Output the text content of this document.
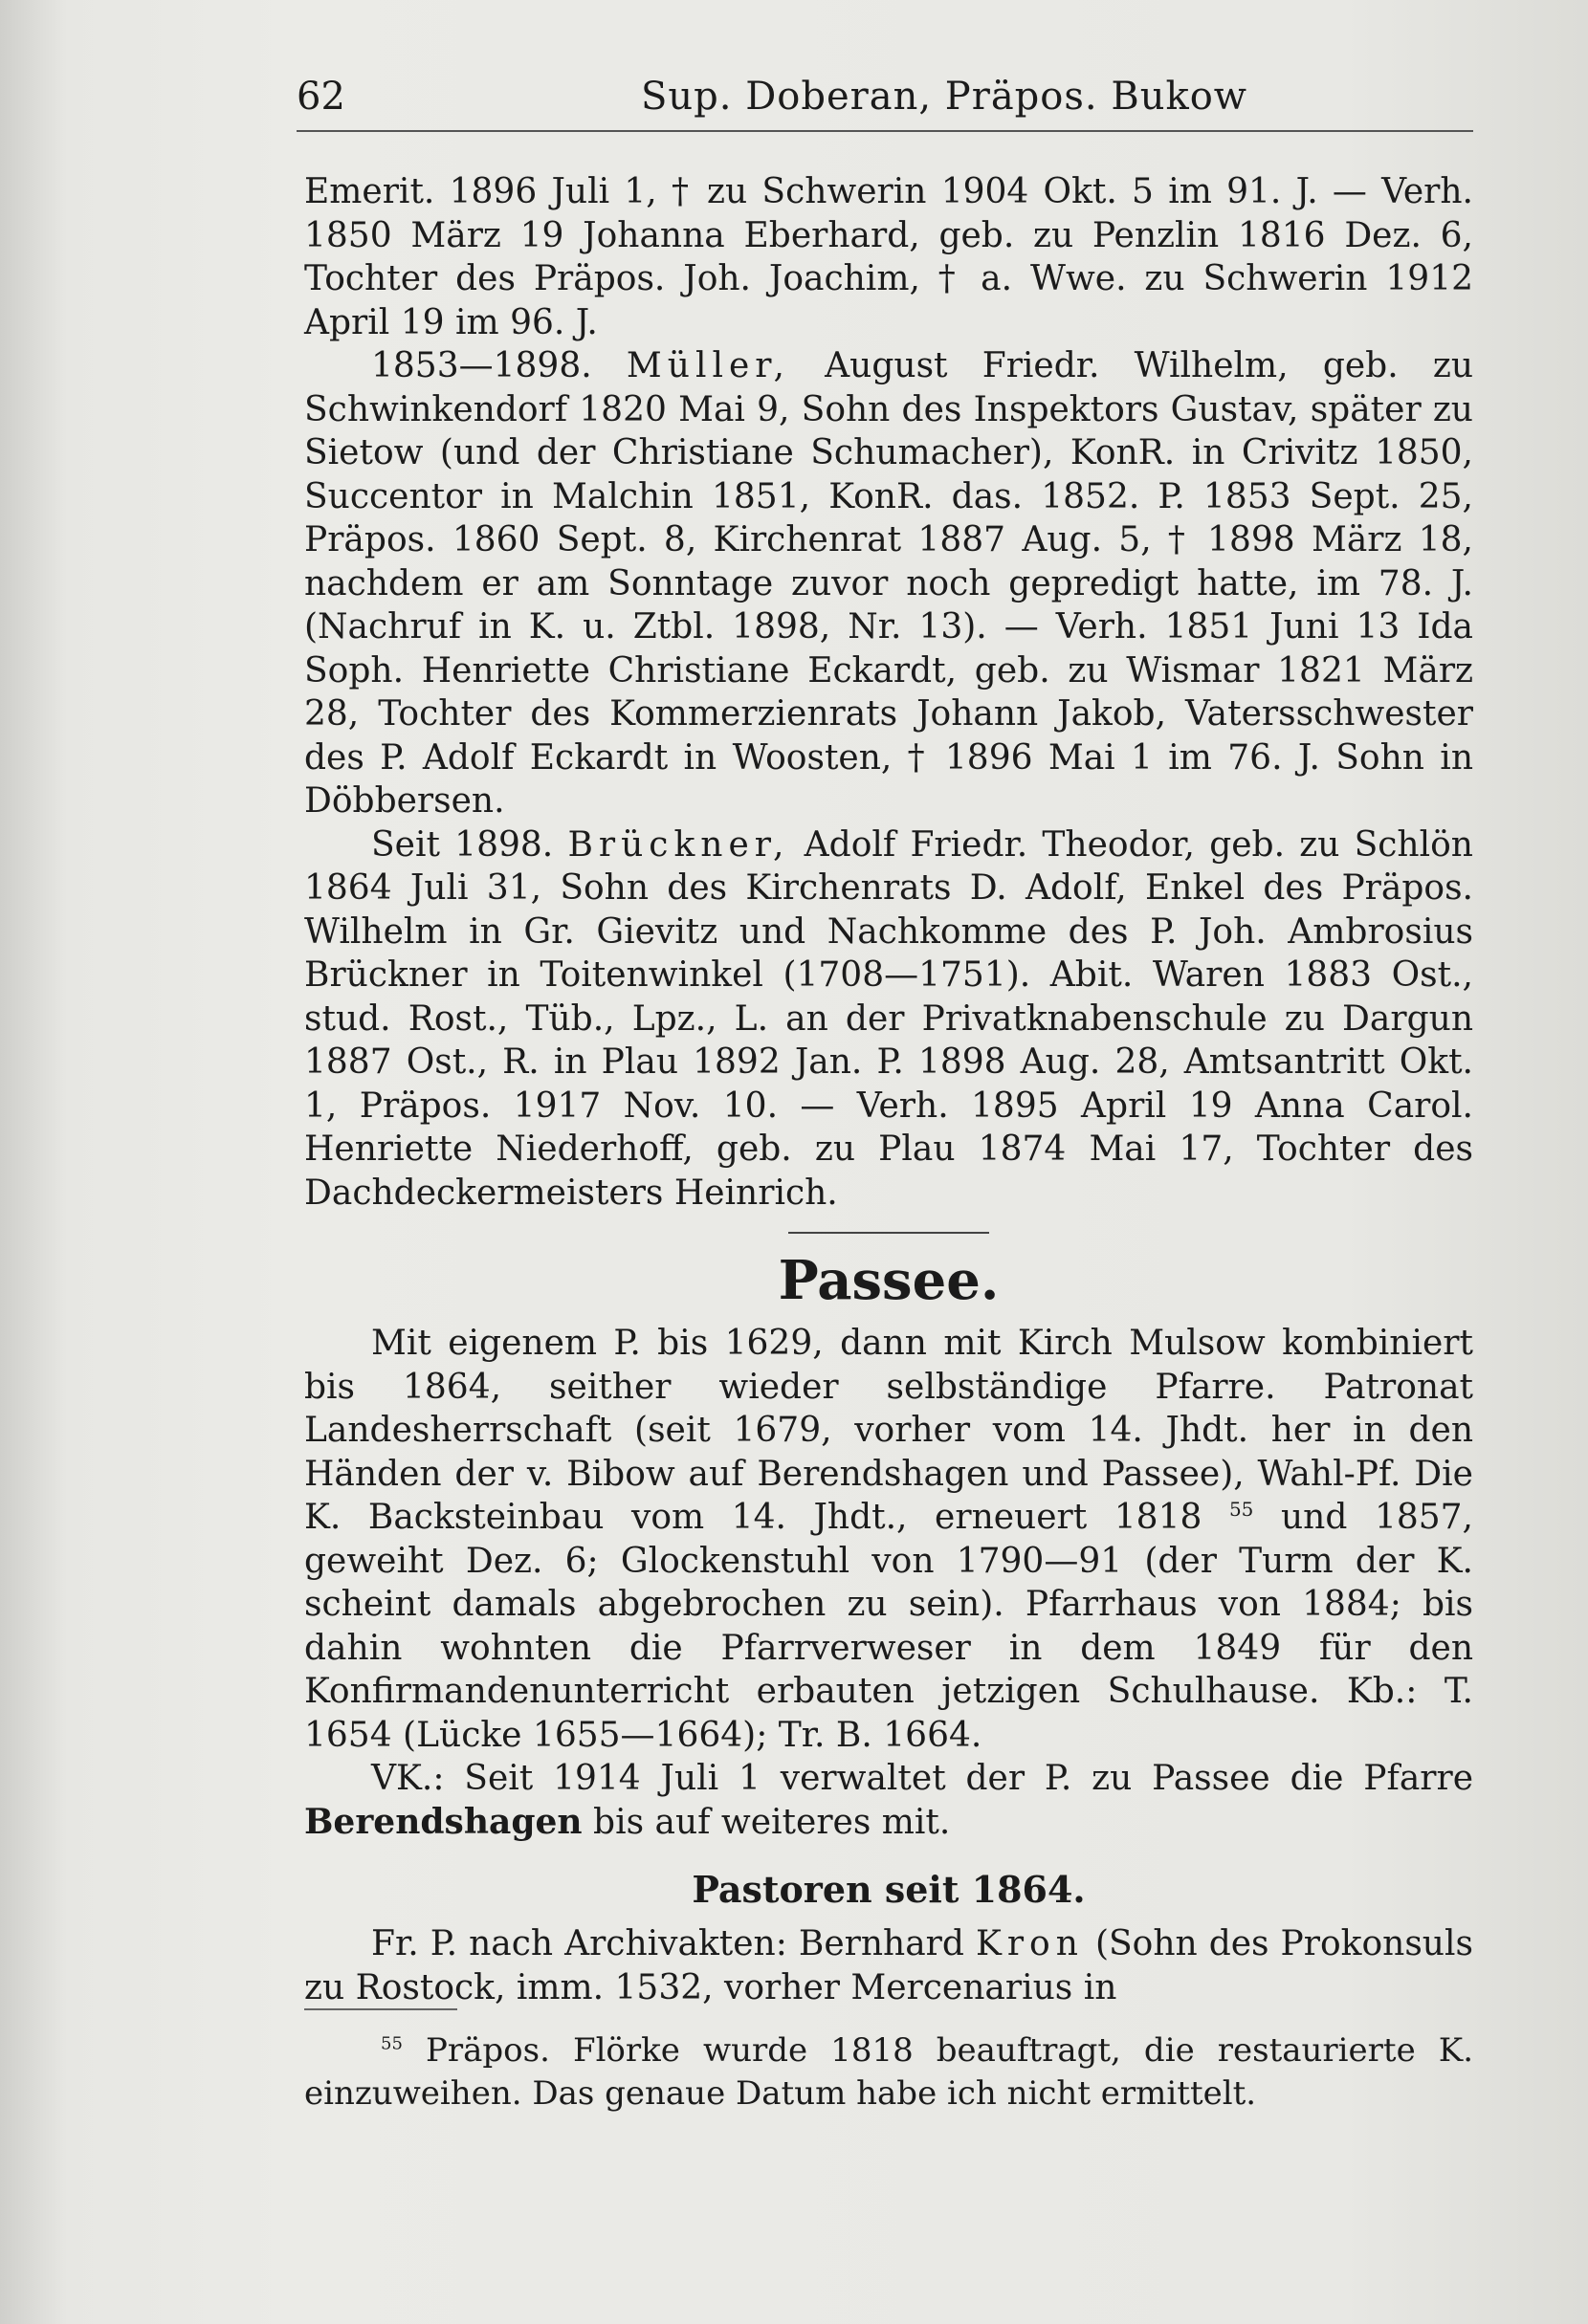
62	Sup. Doberan, Präpos. Bukow

Emerit. 1896 Juli 1, † zu Schwerin 1904 Okt. 5 im 91. J. — Verh. 1850 März 19 Johanna Eberhard, geb. zu Penzlin 1816 Dez. 6, Tochter des Präpos. Joh. Joachim, † a. Wwe. zu Schwerin 1912 April 19 im 96. J.

1853—1898. Müller, August Friedr. Wilhelm, geb. zu Schwinkendorf 1820 Mai 9, Sohn des Inspektors Gustav, später zu Sietow (und der Christiane Schumacher), KonR. in Crivitz 1850, Succentor in Malchin 1851, KonR. das. 1852. P. 1853 Sept. 25, Präpos. 1860 Sept. 8, Kirchenrat 1887 Aug. 5, † 1898 März 18, nachdem er am Sonntage zuvor noch gepredigt hatte, im 78. J. (Nachruf in K. u. Ztbl. 1898, Nr. 13). — Verh. 1851 Juni 13 Ida Soph. Henriette Christiane Eckardt, geb. zu Wismar 1821 März 28, Tochter des Kommerzienrats Johann Jakob, Vatersschwester des P. Adolf Eckardt in Woosten, † 1896 Mai 1 im 76. J. Sohn in Döbbersen.

Seit 1898. Brückner, Adolf Friedr. Theodor, geb. zu Schlön 1864 Juli 31, Sohn des Kirchenrats D. Adolf, Enkel des Präpos. Wilhelm in Gr. Gievitz und Nachkomme des P. Joh. Ambrosius Brückner in Toitenwinkel (1708—1751). Abit. Waren 1883 Ost., stud. Rost., Tüb., Lpz., L. an der Privatknabenschule zu Dargun 1887 Ost., R. in Plau 1892 Jan. P. 1898 Aug. 28, Amtsantritt Okt. 1, Präpos. 1917 Nov. 10. — Verh. 1895 April 19 Anna Carol. Henriette Niederhoff, geb. zu Plau 1874 Mai 17, Tochter des Dachdeckermeisters Heinrich.

Passee.

Mit eigenem P. bis 1629, dann mit Kirch Mulsow kombiniert bis 1864, seither wieder selbständige Pfarre. Patronat Landesherrschaft (seit 1679, vorher vom 14. Jhdt. her in den Händen der v. Bibow auf Berendshagen und Passee), Wahl-Pf. Die K. Backsteinbau vom 14. Jhdt., erneuert 1818 $^{55}$ und 1857, geweiht Dez. 6; Glockenstuhl von 1790—91 (der Turm der K. scheint damals abgebrochen zu sein). Pfarrhaus von 1884; bis dahin wohnten die Pfarrverweser in dem 1849 für den Konfirmandenunterricht erbauten jetzigen Schulhause. Kb.: T. 1654 (Lücke 1655—1664); Tr. B. 1664.

VK.: Seit 1914 Juli 1 verwaltet der P. zu Passee die Pfarre Berendshagen bis auf weiteres mit.

Pastoren seit 1864.

Fr. P. nach Archivakten: Bernhard Kron (Sohn des Prokonsuls zu Rostock, imm. 1532, vorher Mercenarius in

$^{55}$ Präpos. Flörke wurde 1818 beauftragt, die restaurierte K. einzuweihen. Das genaue Datum habe ich nicht ermittelt.
